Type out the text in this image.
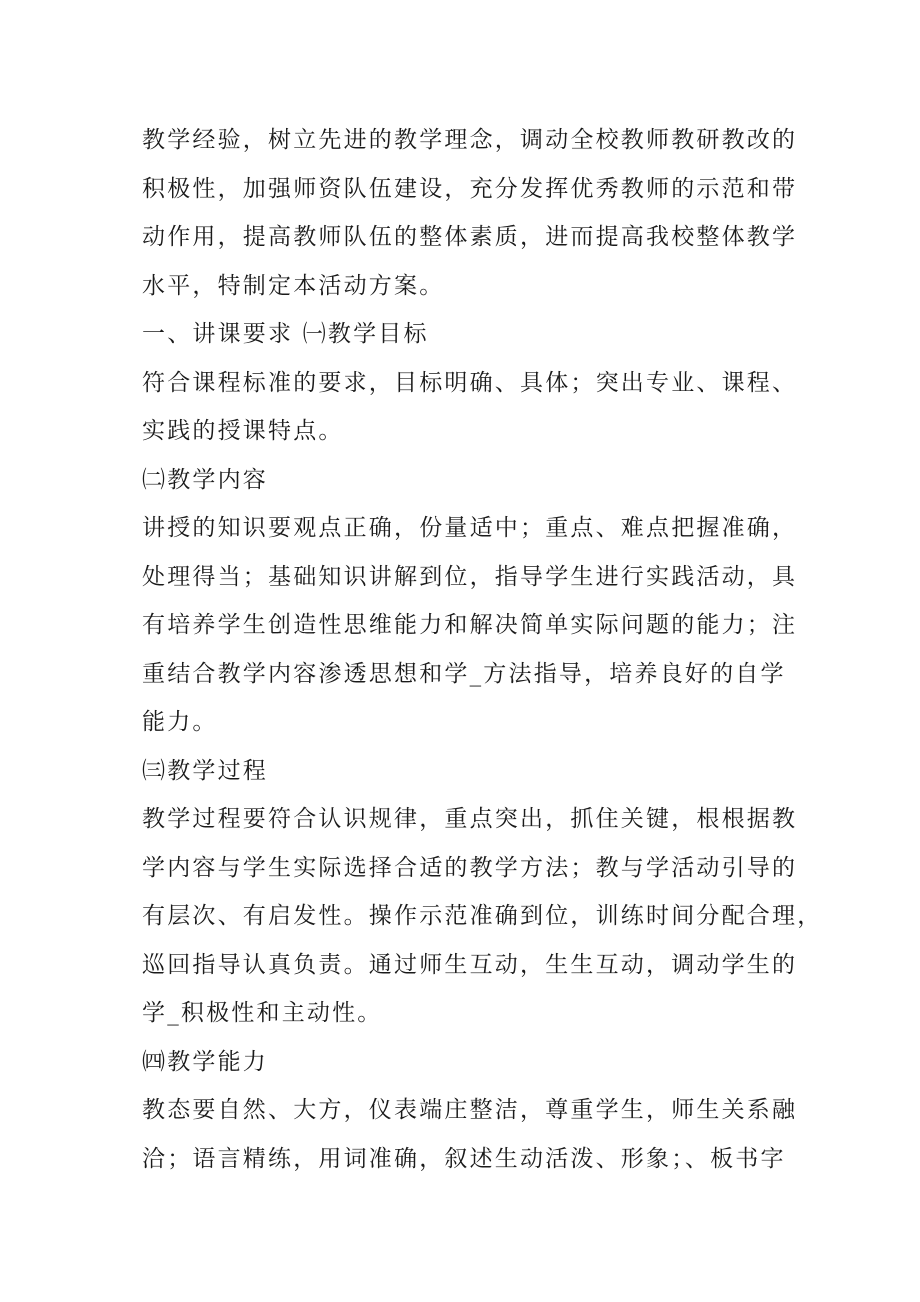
教学经验，树立先进的教学理念，调动全校教师教研教改的
积极性，加强师资队伍建设，充分发挥优秀教师的示范和带
动作用，提高教师队伍的整体素质，进而提高我校整体教学
水平，特制定本活动方案。
一、讲课要求 ㈠教学目标
符合课程标准的要求，目标明确、具体；突出专业、课程、
实践的授课特点。
㈡教学内容
讲授的知识要观点正确，份量适中；重点、难点把握准确，
处理得当；基础知识讲解到位，指导学生进行实践活动，具
有培养学生创造性思维能力和解决简单实际问题的能力；注
重结合教学内容渗透思想和学_方法指导，培养良好的自学
能力。
㈢教学过程
教学过程要符合认识规律，重点突出，抓住关键，根根据教
学内容与学生实际选择合适的教学方法；教与学活动引导的
有层次、有启发性。操作示范准确到位，训练时间分配合理，
巡回指导认真负责。通过师生互动，生生互动，调动学生的
学_积极性和主动性。
㈣教学能力
教态要自然、大方，仪表端庄整洁，尊重学生，师生关系融
洽；语言精练，用词准确，叙述生动活泼、形象；、板书字
